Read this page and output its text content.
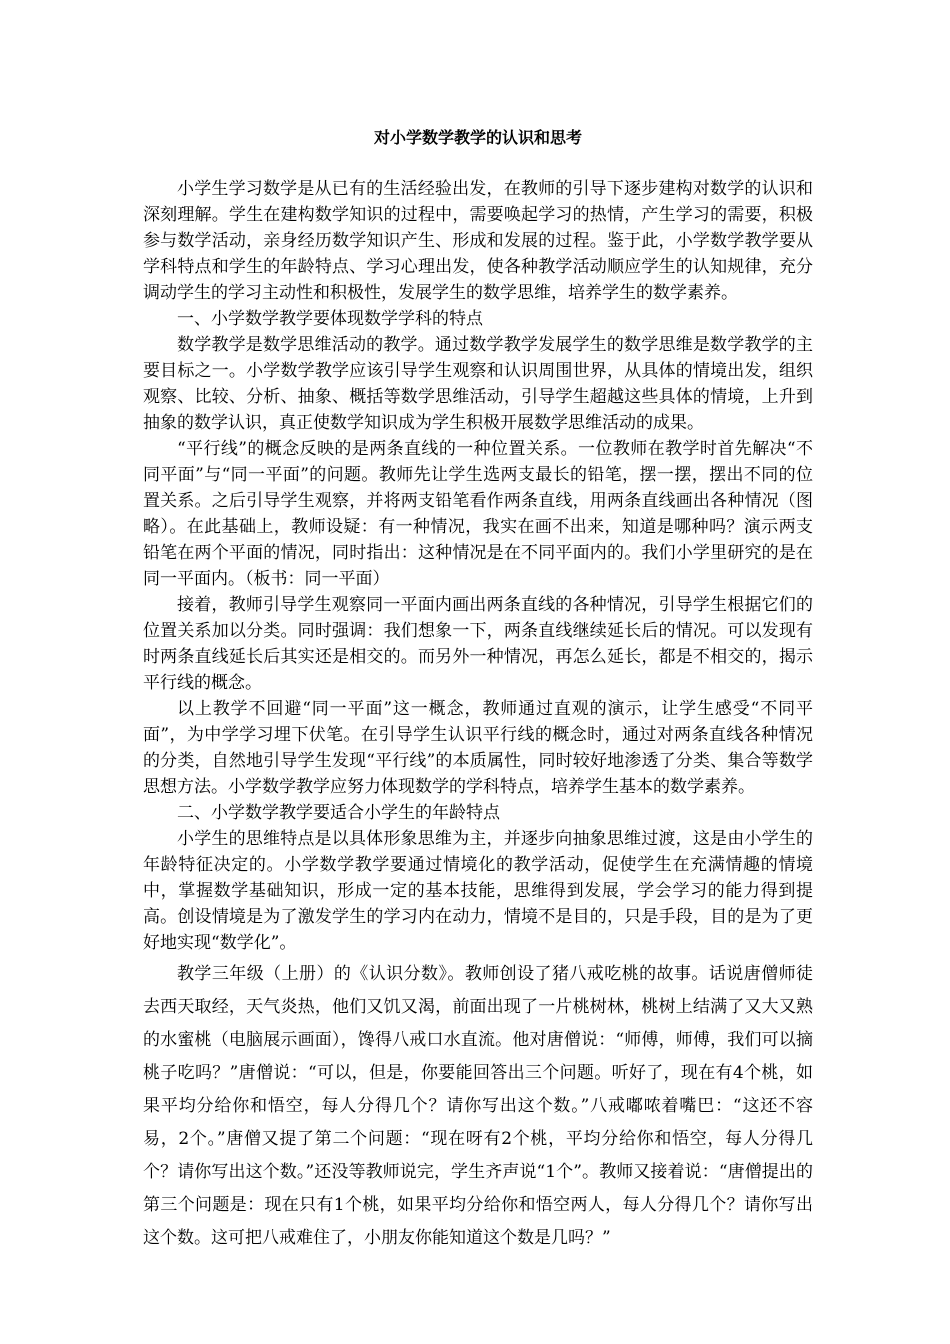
对小学数学教学的认识和思考

小学生学习数学是从已有的生活经验出发，在教师的引导下逐步建构对数学的认识和深刻理解。学生在建构数学知识的过程中，需要唤起学习的热情，产生学习的需要，积极参与数学活动，亲身经历数学知识产生、形成和发展的过程。鉴于此，小学数学教学要从学科特点和学生的年龄特点、学习心理出发，使各种教学活动顺应学生的认知规律，充分调动学生的学习主动性和积极性，发展学生的数学思维，培养学生的数学素养。

一、小学数学教学要体现数学学科的特点

数学教学是数学思维活动的教学。通过数学教学发展学生的数学思维是数学教学的主要目标之一。小学数学教学应该引导学生观察和认识周围世界，从具体的情境出发，组织观察、比较、分析、抽象、概括等数学思维活动，引导学生超越这些具体的情境，上升到抽象的数学认识，真正使数学知识成为学生积极开展数学思维活动的成果。

“平行线”的概念反映的是两条直线的一种位置关系。一位教师在教学时首先解决“不同平面”与“同一平面”的问题。教师先让学生选两支最长的铅笔，摆一摆，摆出不同的位置关系。之后引导学生观察，并将两支铅笔看作两条直线，用两条直线画出各种情况（图略）。在此基础上，教师设疑：有一种情况，我实在画不出来，知道是哪种吗？演示两支铅笔在两个平面的情况，同时指出：这种情况是在不同平面内的。我们小学里研究的是在同一平面内。（板书：同一平面）

接着，教师引导学生观察同一平面内画出两条直线的各种情况，引导学生根据它们的位置关系加以分类。同时强调：我们想象一下，两条直线继续延长后的情况。可以发现有时两条直线延长后其实还是相交的。而另外一种情况，再怎么延长，都是不相交的，揭示平行线的概念。

以上教学不回避“同一平面”这一概念，教师通过直观的演示，让学生感受“不同平面”，为中学学习埋下伏笔。在引导学生认识平行线的概念时，通过对两条直线各种情况的分类，自然地引导学生发现“平行线”的本质属性，同时较好地渗透了分类、集合等数学思想方法。小学数学教学应努力体现数学的学科特点，培养学生基本的数学素养。

二、小学数学教学要适合小学生的年龄特点

小学生的思维特点是以具体形象思维为主，并逐步向抽象思维过渡，这是由小学生的年龄特征决定的。小学数学教学要通过情境化的教学活动，促使学生在充满情趣的情境中，掌握数学基础知识，形成一定的基本技能，思维得到发展，学会学习的能力得到提高。创设情境是为了激发学生的学习内在动力，情境不是目的，只是手段，目的是为了更好地实现“数学化”。

教学三年级（上册）的《认识分数》。教师创设了猪八戒吃桃的故事。话说唐僧师徒去西天取经，天气炎热，他们又饥又渴，前面出现了一片桃树林，桃树上结满了又大又熟的水蜜桃（电脑展示画面），馋得八戒口水直流。他对唐僧说：“师傅，师傅，我们可以摘桃子吃吗？”唐僧说：“可以，但是，你要能回答出三个问题。听好了，现在有4个桃，如果平均分给你和悟空，每人分得几个？请你写出这个数。”八戒嘟哝着嘴巴：“这还不容易，2个。”唐僧又提了第二个问题：“现在呀有2个桃，平均分给你和悟空，每人分得几个？请你写出这个数。”还没等教师说完，学生齐声说“1个”。教师又接着说：“唐僧提出的第三个问题是：现在只有1个桃，如果平均分给你和悟空两人，每人分得几个？请你写出这个数。这可把八戒难住了，小朋友你能知道这个数是几吗？”
